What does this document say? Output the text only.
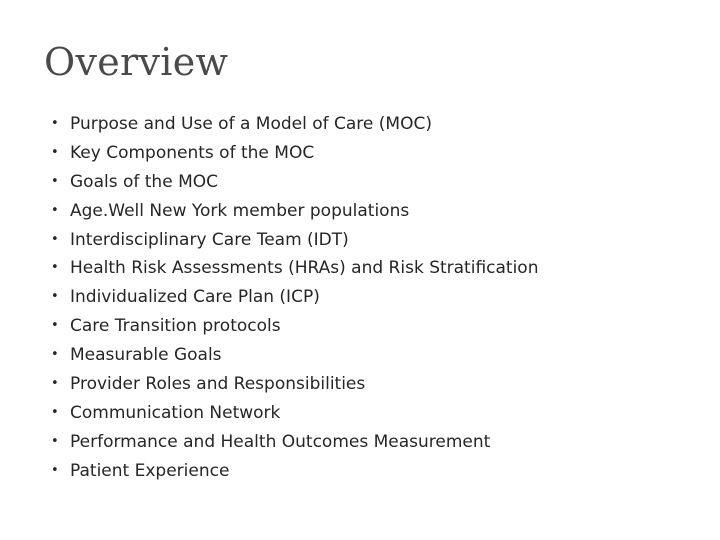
Overview
• Purpose and Use of a Model of Care (MOC)
• Key Components of the MOC
• Goals of the MOC
• Age.Well New York member populations
• Interdisciplinary Care Team (IDT)
• Health Risk Assessments (HRAs) and Risk Stratification
• Individualized Care Plan (ICP)
• Care Transition protocols
• Measurable Goals
• Provider Roles and Responsibilities
• Communication Network
• Performance and Health Outcomes Measurement
• Patient Experience
